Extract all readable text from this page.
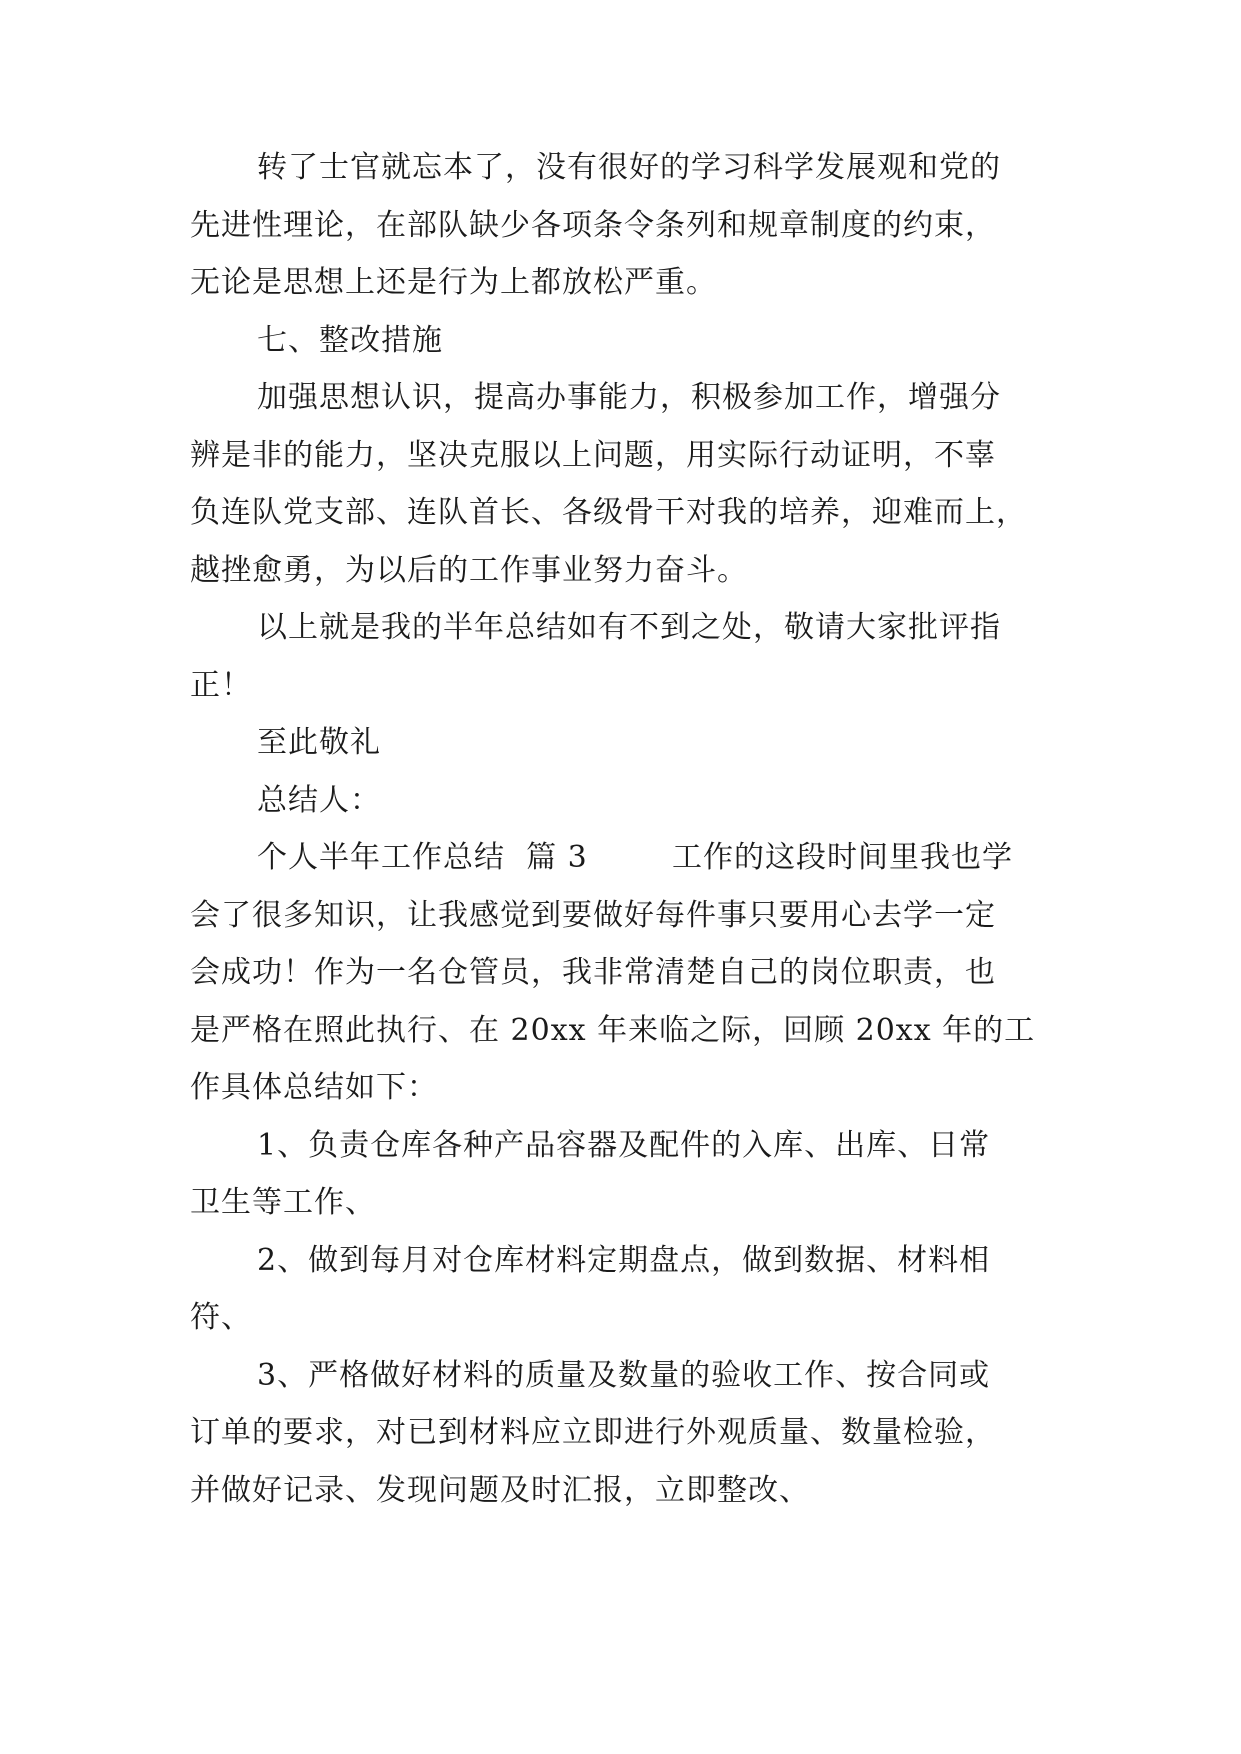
转了士官就忘本了，没有很好的学习科学发展观和党的
先进性理论，在部队缺少各项条令条列和规章制度的约束，
无论是思想上还是行为上都放松严重。
七、整改措施
加强思想认识，提高办事能力，积极参加工作，增强分
辨是非的能力，坚决克服以上问题，用实际行动证明，不辜
负连队党支部、连队首长、各级骨干对我的培养，迎难而上，
越挫愈勇，为以后的工作事业努力奋斗。
以上就是我的半年总结如有不到之处，敬请大家批评指
正！
至此敬礼
总结人：
个人半年工作总结  篇 3        工作的这段时间里我也学
会了很多知识，让我感觉到要做好每件事只要用心去学一定
会成功！作为一名仓管员，我非常清楚自己的岗位职责，也
是严格在照此执行、在 20xx 年来临之际，回顾 20xx 年的工
作具体总结如下：
1、负责仓库各种产品容器及配件的入库、出库、日常
卫生等工作、
2、做到每月对仓库材料定期盘点，做到数据、材料相
符、
3、严格做好材料的质量及数量的验收工作、按合同或
订单的要求，对已到材料应立即进行外观质量、数量检验，
并做好记录、发现问题及时汇报，立即整改、
